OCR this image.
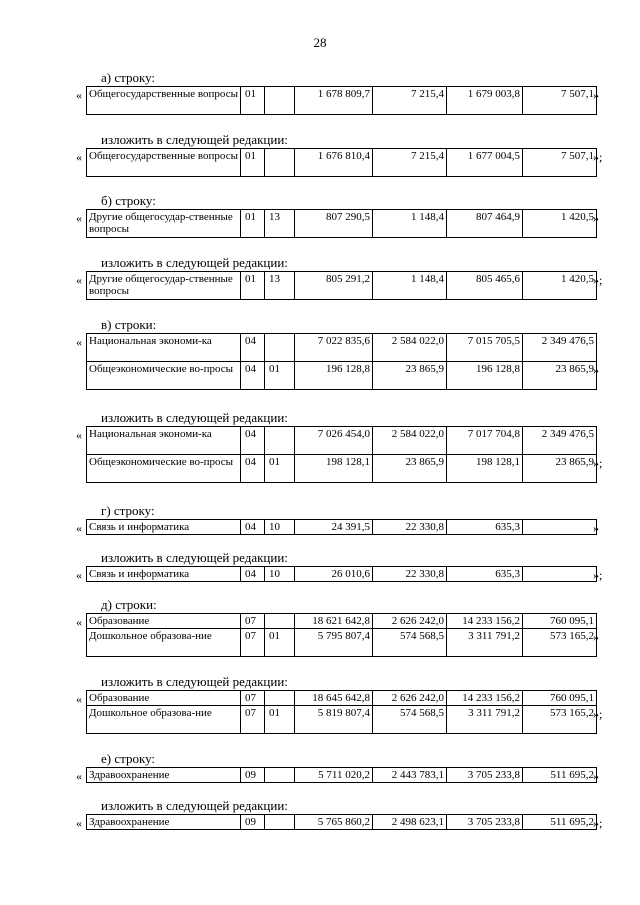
28
а) строку:
Общегосударственные вопросы	01		1 678 809,7	7 215,4	1 679 003,8	7 507,1
«	»
изложить в следующей редакции:
Общегосударственные вопросы	01		1 676 810,4	7 215,4	1 677 004,5	7 507,1
«	»;
б) строку:
Другие общегосудар-ственные вопросы	01	13	807 290,5	1 148,4	807 464,9	1 420,5
«	»
изложить в следующей редакции:
Другие общегосудар-ственные вопросы	01	13	805 291,2	1 148,4	805 465,6	1 420,5
«	»;
в) строки:
Национальная экономи-ка	04		7 022 835,6	2 584 022,0	7 015 705,5	2 349 476,5
Общеэкономические во-просы	04	01	196 128,8	23 865,9	196 128,8	23 865,9
«
»
изложить в следующей редакции:
Национальная экономи-ка	04		7 026 454,0	2 584 022,0	7 017 704,8	2 349 476,5
Общеэкономические во-просы	04	01	198 128,1	23 865,9	198 128,1	23 865,9
«
»;
г) строку:
Связь и информатика	04	10	24 391,5	22 330,8	635,3	
«	»
изложить в следующей редакции:
Связь и информатика	04	10	26 010,6	22 330,8	635,3	
«	»;
д) строки:
Образование	07		18 621 642,8	2 626 242,0	14 233 156,2	760 095,1
Дошкольное образова-ние	07	01	5 795 807,4	574 568,5	3 311 791,2	573 165,2
«
»
изложить в следующей редакции:
Образование	07		18 645 642,8	2 626 242,0	14 233 156,2	760 095,1
Дошкольное образова-ние	07	01	5 819 807,4	574 568,5	3 311 791,2	573 165,2
«
»;
е) строку:
Здравоохранение	09		5 711 020,2	2 443 783,1	3 705 233,8	511 695,2
«	»
изложить в следующей редакции:
Здравоохранение	09		5 765 860,2	2 498 623,1	3 705 233,8	511 695,2
«	»;
